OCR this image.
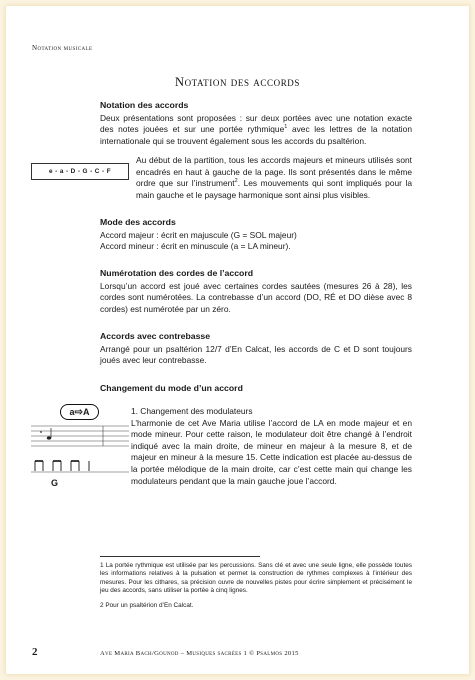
Notation musicale
Notation des accords
Notation des accords

Deux présentations sont proposées : sur deux portées avec une notation exacte des notes jouées et sur une portée rythmique$^1$ avec les lettres de la notation internationale qui se trouvent également sous les accords du psaltérion.

e - a - D - G - C - F

Au début de la partition, tous les accords majeurs et mineurs utilisés sont encadrés en haut à gauche de la page. Ils sont présentés dans le même ordre que sur l’instrument$^2$. Les mouvements qui sont impliqués pour la main gauche et le paysage harmonique sont ainsi plus visibles.

Mode des accords

Accord majeur : écrit en majuscule (G = SOL majeur)

Accord mineur : écrit en minuscule (a = LA mineur).

Numérotation des cordes de l’accord

Lorsqu’un accord est joué avec certaines cordes sautées (mesures 26 à 28), les cordes sont numérotées. La contrebasse d’un accord (DO, RÉ et DO dièse avec 8 cordes) est numérotée par un zéro.

Accords avec contrebasse

Arrangé pour un psaltérion 12/7 d’En Calcat, les accords de C et D sont toujours joués avec leur contrebasse.

Changement du mode d’un accord
a⇨A
G

1. Changement des modulateurs

L’harmonie de cet Ave Maria utilise l’accord de LA en mode majeur et en mode mineur. Pour cette raison, le modulateur doit être changé à l’endroit indiqué avec la main droite, de mineur en majeur à la mesure 8, et de majeur en mineur à la mesure 15. Cette indication est placée au-dessus de la portée mélodique de la main droite, car c’est cette main qui change les modulateurs pendant que la main gauche joue l’accord.

1 La portée rythmique est utilisée par les percussions. Sans clé et avec une seule ligne, elle possède toutes les informations relatives à la pulsation et permet la construction de rythmes complexes à l’intérieur des mesures. Pour les cithares, sa précision ouvre de nouvelles pistes pour écrire simplement et précisément le jeu des accords, sans utiliser la portée à cinq lignes.
2 Pour un psaltérion d’En Calcat.
2	Ave Maria Bach/Gounod – Musiques sacrées 1 © Psalmos 2015
